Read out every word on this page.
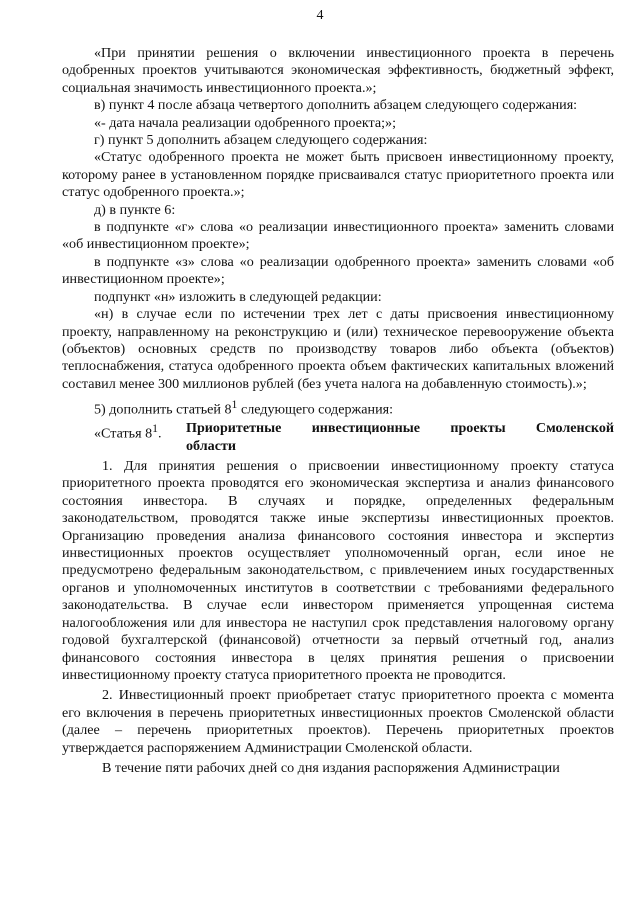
4

«При принятии решения о включении инвестиционного проекта в перечень одобренных проектов учитываются экономическая эффективность, бюджетный эффект, социальная значимость инвестиционного проекта.»;

в) пункт 4 после абзаца четвертого дополнить абзацем следующего содержания:

«- дата начала реализации одобренного проекта;»;

г) пункт 5 дополнить абзацем следующего содержания:

«Статус одобренного проекта не может быть присвоен инвестиционному проекту, которому ранее в установленном порядке присваивался статус приоритетного проекта или статус одобренного проекта.»;

д) в пункте 6:

в подпункте «г» слова «о реализации инвестиционного проекта» заменить словами «об инвестиционном проекте»;

в подпункте «з» слова «о реализации одобренного проекта» заменить словами «об инвестиционном проекте»;

подпункт «н» изложить в следующей редакции:

«н) в случае если по истечении трех лет с даты присвоения инвестиционному проекту, направленному на реконструкцию и (или) техническое перевооружение объекта (объектов) основных средств по производству товаров либо объекта (объектов) теплоснабжения, статуса одобренного проекта объем фактических капитальных вложений составил менее 300 миллионов рублей (без учета налога на добавленную стоимость).»;

5) дополнить статьей $8^1$ следующего содержания:

«Статья $8^1$.	Приоритетные инвестиционные проекты Смоленской
области

1. Для принятия решения о присвоении инвестиционному проекту статуса приоритетного проекта проводятся его экономическая экспертиза и анализ финансового состояния инвестора. В случаях и порядке, определенных федеральным законодательством, проводятся также иные экспертизы инвестиционных проектов. Организацию проведения анализа финансового состояния инвестора и экспертиз инвестиционных проектов осуществляет уполномоченный орган, если иное не предусмотрено федеральным законодательством, с привлечением иных государственных органов и уполномоченных институтов в соответствии с требованиями федерального законодательства. В случае если инвестором применяется упрощенная система налогообложения или для инвестора не наступил срок представления налоговому органу годовой бухгалтерской (финансовой) отчетности за первый отчетный год, анализ финансового состояния инвестора в целях принятия решения о присвоении инвестиционному проекту статуса приоритетного проекта не проводится.

2. Инвестиционный проект приобретает статус приоритетного проекта с момента его включения в перечень приоритетных инвестиционных проектов Смоленской области (далее – перечень приоритетных проектов). Перечень приоритетных проектов утверждается распоряжением Администрации Смоленской области.

В течение пяти рабочих дней со дня издания распоряжения Администрации
